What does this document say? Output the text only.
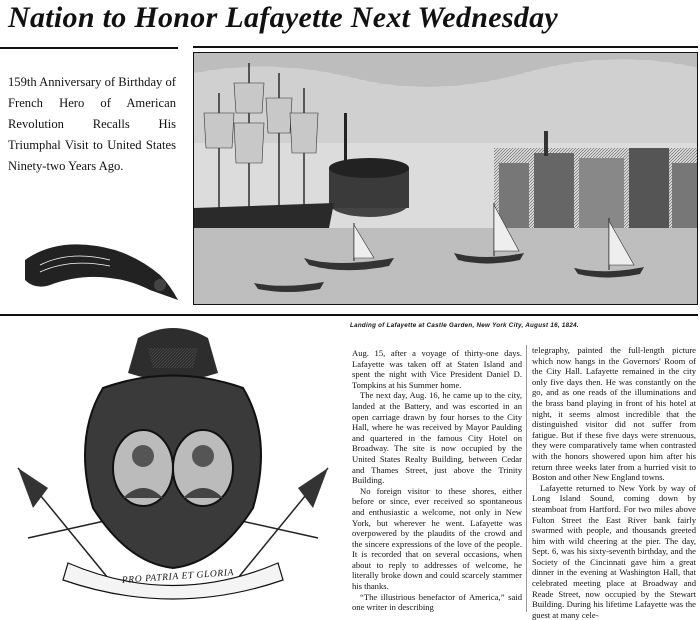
Nation to Honor Lafayette Next Wednesday
159th Anniversary of Birthday of French Hero of American Revolution Recalls His Triumphal Visit to United States Ninety-two Years Ago.
PRO PATRIA ET GLORIA
Landing of Lafayette at Castle Garden, New York City, August 16, 1824.

Aug. 15, after a voyage of thirty-one days. Lafayette was taken off at Staten Island and spent the night with Vice President Daniel D. Tompkins at his Summer home.

The next day, Aug. 16, he came up to the city, landed at the Battery, and was escorted in an open carriage drawn by four horses to the City Hall, where he was received by Mayor Paulding and quartered in the famous City Hotel on Broadway. The site is now occupied by the United States Realty Building, between Cedar and Thames Street, just above the Trinity Building.

No foreign visitor to these shores, either before or since, ever received so spontaneous and enthusiastic a welcome, not only in New York, but wherever he went. Lafayette was overpowered by the plaudits of the crowd and the sincere expressions of the love of the people. It is recorded that on several occasions, when about to reply to addresses of welcome, he literally broke down and could scarcely stammer his thanks.

“The illustrious benefactor of America,” said one writer in describing

telegraphy, painted the full-length picture which now hangs in the Governors' Room of the City Hall. Lafayette remained in the city only five days then. He was constantly on the go, and as one reads of the illuminations and the brass band playing in front of his hotel at night, it seems almost incredible that the distinguished visitor did not suffer from fatigue. But if these five days were strenuous, they were comparatively tame when contrasted with the honors showered upon him after his return three weeks later from a hurried visit to Boston and other New England towns.

Lafayette returned to New York by way of Long Island Sound, coming down by steamboat from Hartford. For two miles above Fulton Street the East River bank fairly swarmed with people, and thousands greeted him with wild cheering at the pier. The day, Sept. 6, was his sixty-seventh birthday, and the Society of the Cincinnati gave him a great dinner in the evening at Washington Hall, that celebrated meeting place at Broadway and Reade Street, now occupied by the Stewart Building. During his lifetime Lafayette was the guest at many cele-
